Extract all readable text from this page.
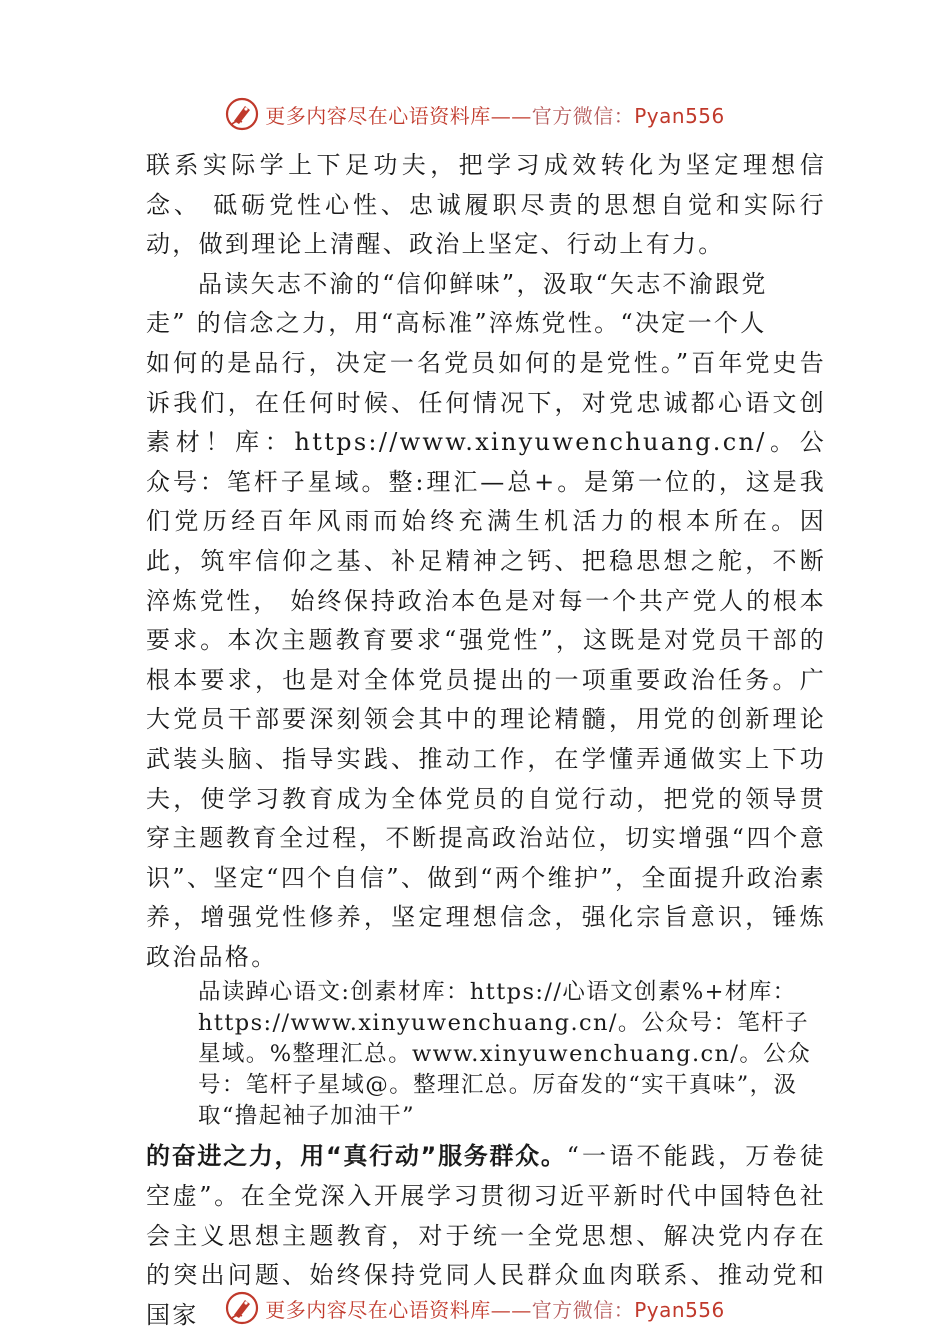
更多内容尽在心语资料库——官方微信：Pyan556

联系实际学上下足功夫，把学习成效转化为坚定理想信念、 砥砺党性心性、忠诚履职尽责的思想自觉和实际行动，做到理论上清醒、政治上坚定、行动上有力。

品读矢志不渝的“信仰鲜味”，汲取“矢志不渝跟党

走” 的信念之力，用“高标准”淬炼党性。“决定一个人

如何的是品行，决定一名党员如何的是党性。”百年党史告诉我们，在任何时候、任何情况下，对党忠诚都心语文创素材！库：https://www.xinyuwenchuang.cn/。公众号：笔杆子星域。整:理汇—总+。是第一位的，这是我们党历经百年风雨而始终充满生机活力的根本所在。因此，筑牢信仰之基、补足精神之钙、把稳思想之舵，不断淬炼党性， 始终保持政治本色是对每一个共产党人的根本要求。本次主题教育要求“强党性”，这既是对党员干部的根本要求，也是对全体党员提出的一项重要政治任务。广大党员干部要深刻领会其中的理论精髓，用党的创新理论武装头脑、指导实践、推动工作，在学懂弄通做实上下功夫，使学习教育成为全体党员的自觉行动，把党的领导贯穿主题教育全过程，不断提高政治站位，切实增强“四个意识”、坚定“四个自信”、做到“两个维护”，全面提升政治素养，增强党性修养，坚定理想信念，强化宗旨意识，锤炼政治品格。

品读踔心语文:创素材库：https://心语文创素%+材库：https://www.xinyuwenchuang.cn/。公众号：笔杆子星域。%整理汇总。www.xinyuwenchuang.cn/。公众号：笔杆子星域@。整理汇总。厉奋发的“实干真味”，汲取“撸起袖子加油干”

的奋进之力，用“真行动”服务群众。“一语不能践，万卷徒空虚”。在全党深入开展学习贯彻习近平新时代中国特色社会主义思想主题教育，对于统一全党思想、解决党内存在的突出问题、始终保持党同人民群众血肉联系、推动党和国家	更多内容尽在心语资料库——官方微信：Pyan556
